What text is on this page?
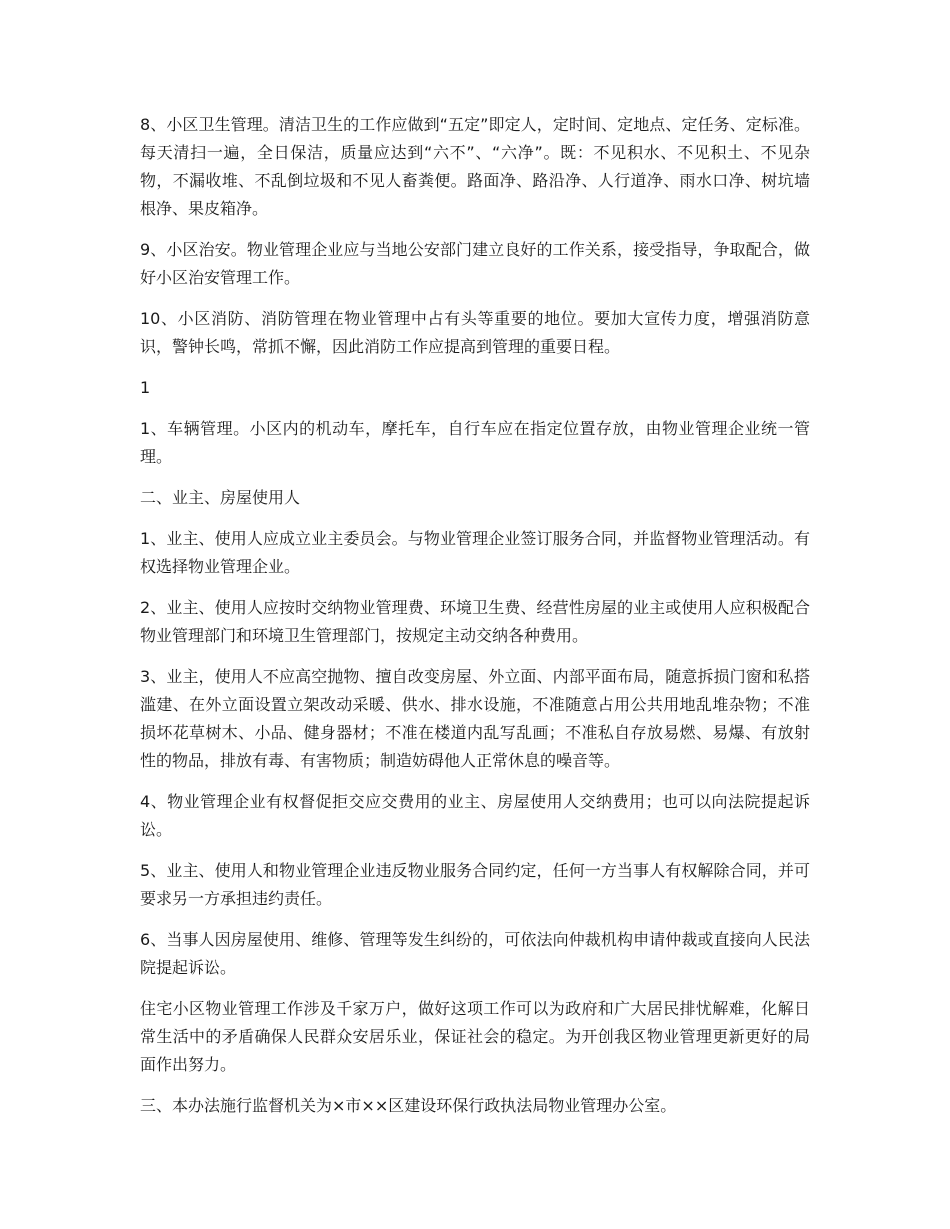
8、小区卫生管理。清洁卫生的工作应做到“五定”即定人，定时间、定地点、定任务、定标准。每天清扫一遍，全日保洁，质量应达到“六不”、“六净”。既：不见积水、不见积土、不见杂物，不漏收堆、不乱倒垃圾和不见人畜粪便。路面净、路沿净、人行道净、雨水口净、树坑墙根净、果皮箱净。

9、小区治安。物业管理企业应与当地公安部门建立良好的工作关系，接受指导，争取配合，做好小区治安管理工作。

10、小区消防、消防管理在物业管理中占有头等重要的地位。要加大宣传力度，增强消防意识，警钟长鸣，常抓不懈，因此消防工作应提高到管理的重要日程。

1

1、车辆管理。小区内的机动车，摩托车，自行车应在指定位置存放，由物业管理企业统一管理。

二、业主、房屋使用人

1、业主、使用人应成立业主委员会。与物业管理企业签订服务合同，并监督物业管理活动。有权选择物业管理企业。

2、业主、使用人应按时交纳物业管理费、环境卫生费、经营性房屋的业主或使用人应积极配合物业管理部门和环境卫生管理部门，按规定主动交纳各种费用。

3、业主，使用人不应高空抛物、擅自改变房屋、外立面、内部平面布局，随意拆损门窗和私搭滥建、在外立面设置立架改动采暖、供水、排水设施，不准随意占用公共用地乱堆杂物；不准损坏花草树木、小品、健身器材；不准在楼道内乱写乱画；不准私自存放易燃、易爆、有放射性的物品，排放有毒、有害物质；制造妨碍他人正常休息的噪音等。

4、物业管理企业有权督促拒交应交费用的业主、房屋使用人交纳费用；也可以向法院提起诉讼。

5、业主、使用人和物业管理企业违反物业服务合同约定，任何一方当事人有权解除合同，并可要求另一方承担违约责任。

6、当事人因房屋使用、维修、管理等发生纠纷的，可依法向仲裁机构申请仲裁或直接向人民法院提起诉讼。

住宅小区物业管理工作涉及千家万户，做好这项工作可以为政府和广大居民排忧解难，化解日常生活中的矛盾确保人民群众安居乐业，保证社会的稳定。为开创我区物业管理更新更好的局面作出努力。

三、本办法施行监督机关为×市××区建设环保行政执法局物业管理办公室。
